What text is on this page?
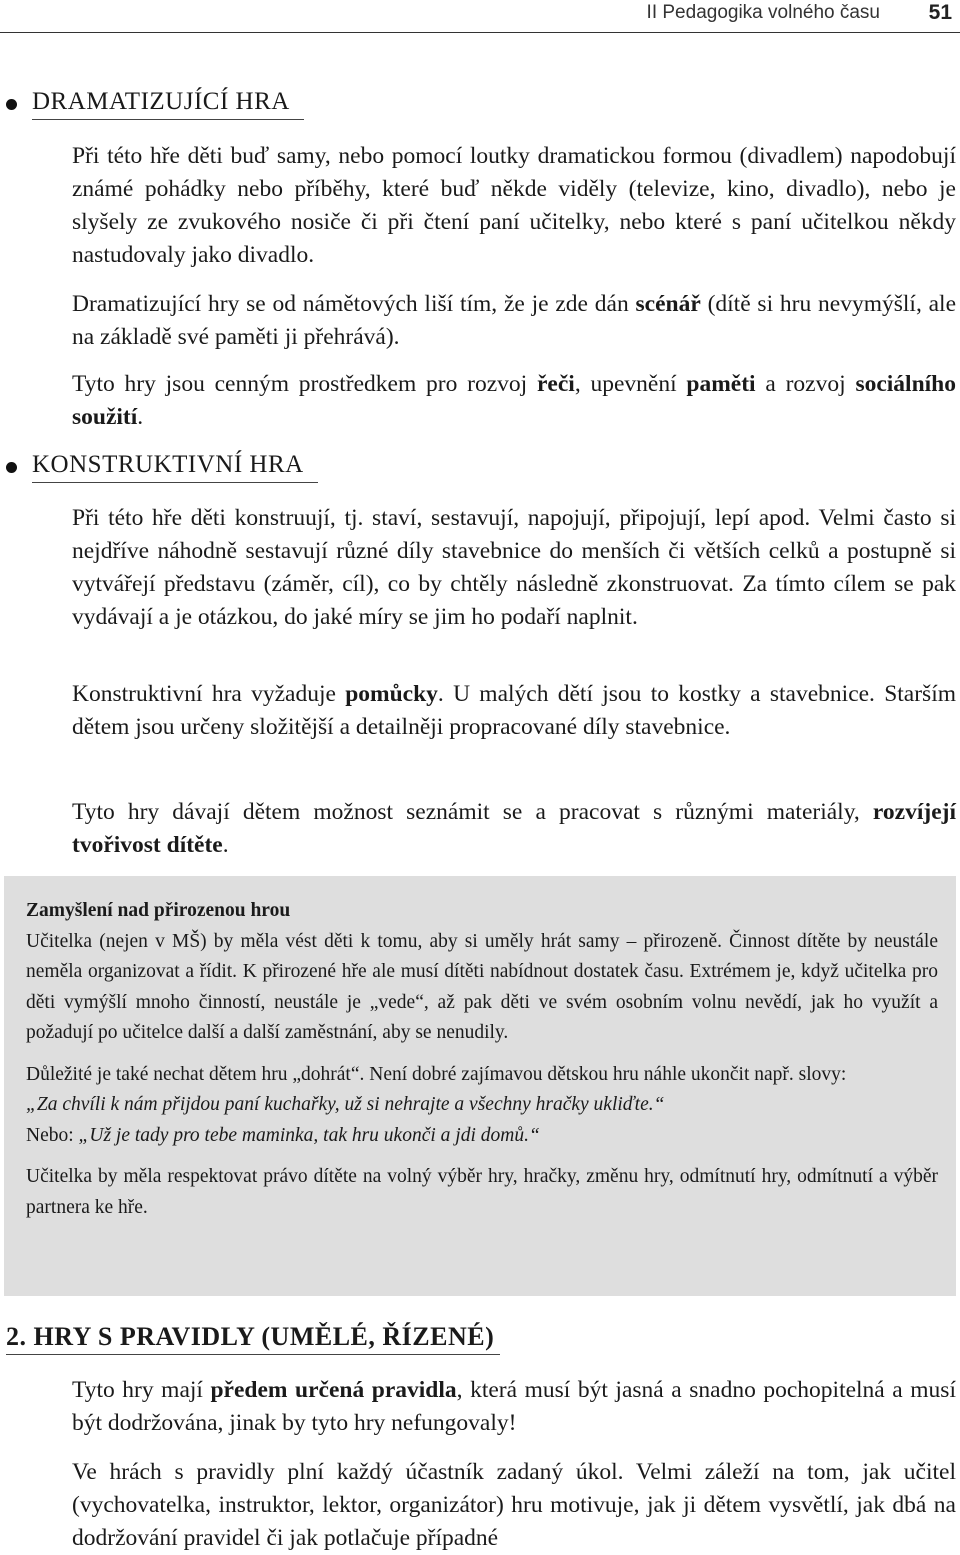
II Pedagogika volného času 51
DRAMATIZUJÍCÍ HRA

Při této hře děti buď samy, nebo pomocí loutky dramatickou formou (divadlem) napodobují známé pohádky nebo příběhy, které buď někde viděly (televize, kino, divadlo), nebo je slyšely ze zvukového nosiče či při čtení paní učitelky, nebo které s paní učitelkou někdy nastudovaly jako divadlo.

Dramatizující hry se od námětových liší tím, že je zde dán scénář (dítě si hru nevymýšlí, ale na základě své paměti ji přehrává).

Tyto hry jsou cenným prostředkem pro rozvoj řeči, upevnění paměti a rozvoj sociálního soužití.

KONSTRUKTIVNÍ HRA

Při této hře děti konstruují, tj. staví, sestavují, napojují, připojují, lepí apod. Velmi často si nejdříve náhodně sestavují různé díly stavebnice do menších či větších celků a postupně si vytvářejí představu (záměr, cíl), co by chtěly následně zkonstruovat. Za tímto cílem se pak vydávají a je otázkou, do jaké míry se jim ho podaří naplnit.

Konstruktivní hra vyžaduje pomůcky. U malých dětí jsou to kostky a stavebnice. Starším dětem jsou určeny složitější a detailněji propracované díly stavebnice.

Tyto hry dávají dětem možnost seznámit se a pracovat s různými materiály, rozvíjejí tvořivost dítěte.

Zamyšlení nad přirozenou hrou

Učitelka (nejen v MŠ) by měla vést děti k tomu, aby si uměly hrát samy – přirozeně. Činnost dítěte by neustále neměla organizovat a řídit. K přirozené hře ale musí dítěti nabídnout dostatek času. Extrémem je, když učitelka pro děti vymýšlí mnoho činností, neustále je „vede“, až pak děti ve svém osobním volnu nevědí, jak ho využít a požadují po učitelce další a další zaměstnání, aby se nenudily.

Důležité je také nechat dětem hru „dohrát“. Není dobré zajímavou dětskou hru náhle ukončit např. slovy:

„Za chvíli k nám přijdou paní kuchařky, už si nehrajte a všechny hračky ukliďte.“

Nebo: „Už je tady pro tebe maminka, tak hru ukonči a jdi domů.“

Učitelka by měla respektovat právo dítěte na volný výběr hry, hračky, změnu hry, odmítnutí hry, odmítnutí a výběr partnera ke hře.

2. HRY S PRAVIDLY (UMĚLÉ, ŘÍZENÉ)

Tyto hry mají předem určená pravidla, která musí být jasná a snadno pochopitelná a musí být dodržována, jinak by tyto hry nefungovaly!

Ve hrách s pravidly plní každý účastník zadaný úkol. Velmi záleží na tom, jak učitel (vychovatelka, instruktor, lektor, organizátor) hru motivuje, jak ji dětem vysvětlí, jak dbá na dodržování pravidel či jak potlačuje případné
